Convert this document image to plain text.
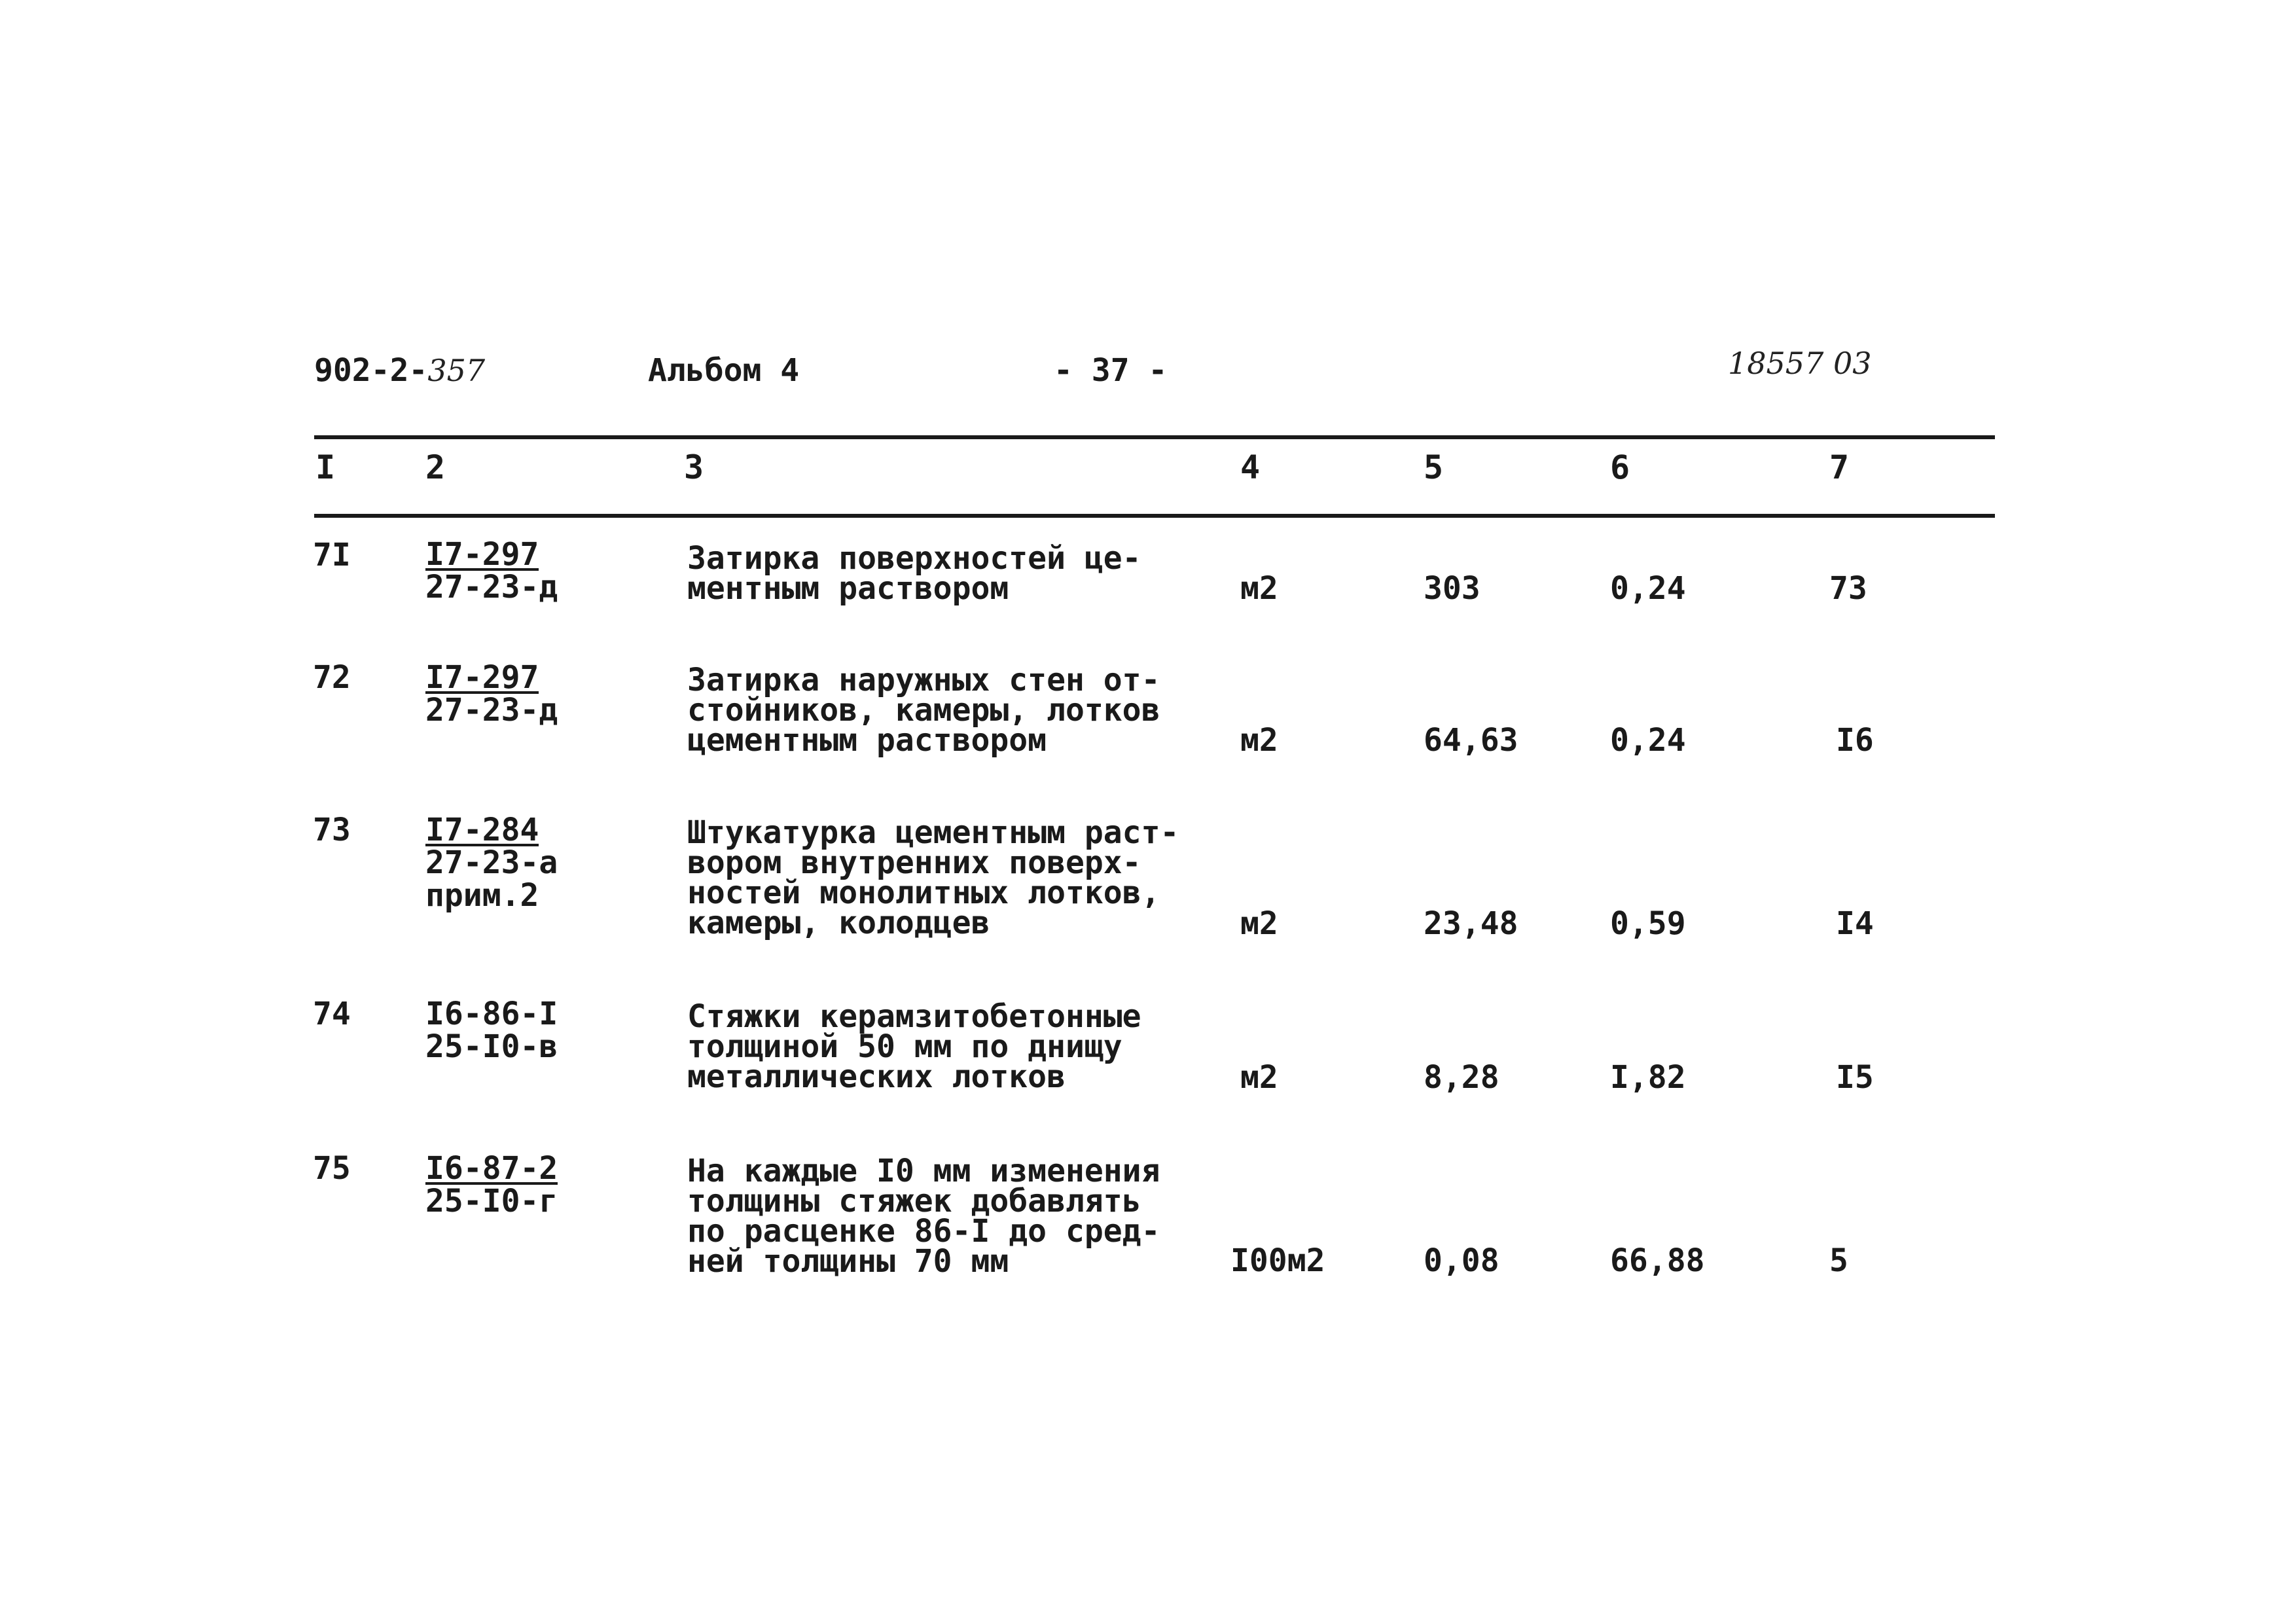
902-2-357	Альбом 4	- 37 -	18557 03
I	2	3	4	5	6	7
7I I7-297
27-23-д
Затирка поверхностей це-
ментным раствором	м2	303	0,24	73
72 I7-297
27-23-д
Затирка наружных стен от-
стойников, камеры, лотков
цементным раствором	м2	64,63	0,24	I6
73 I7-284
27-23-а
прим.2
Штукатурка цементным раст-
вором внутренних поверх-
ностей монолитных лотков,
камеры, колодцев	м2	23,48	0,59	I4
74 I6-86-I
25-I0-в
Стяжки керамзитобетонные
толщиной 50 мм по днищу
металлических лотков	м2	8,28	I,82	I5
75 I6-87-2
25-I0-г
На каждые I0 мм изменения
толщины стяжек добавлять
по расценке 86-I до сред-
ней толщины 70 мм	I00м2	0,08	66,88	5
